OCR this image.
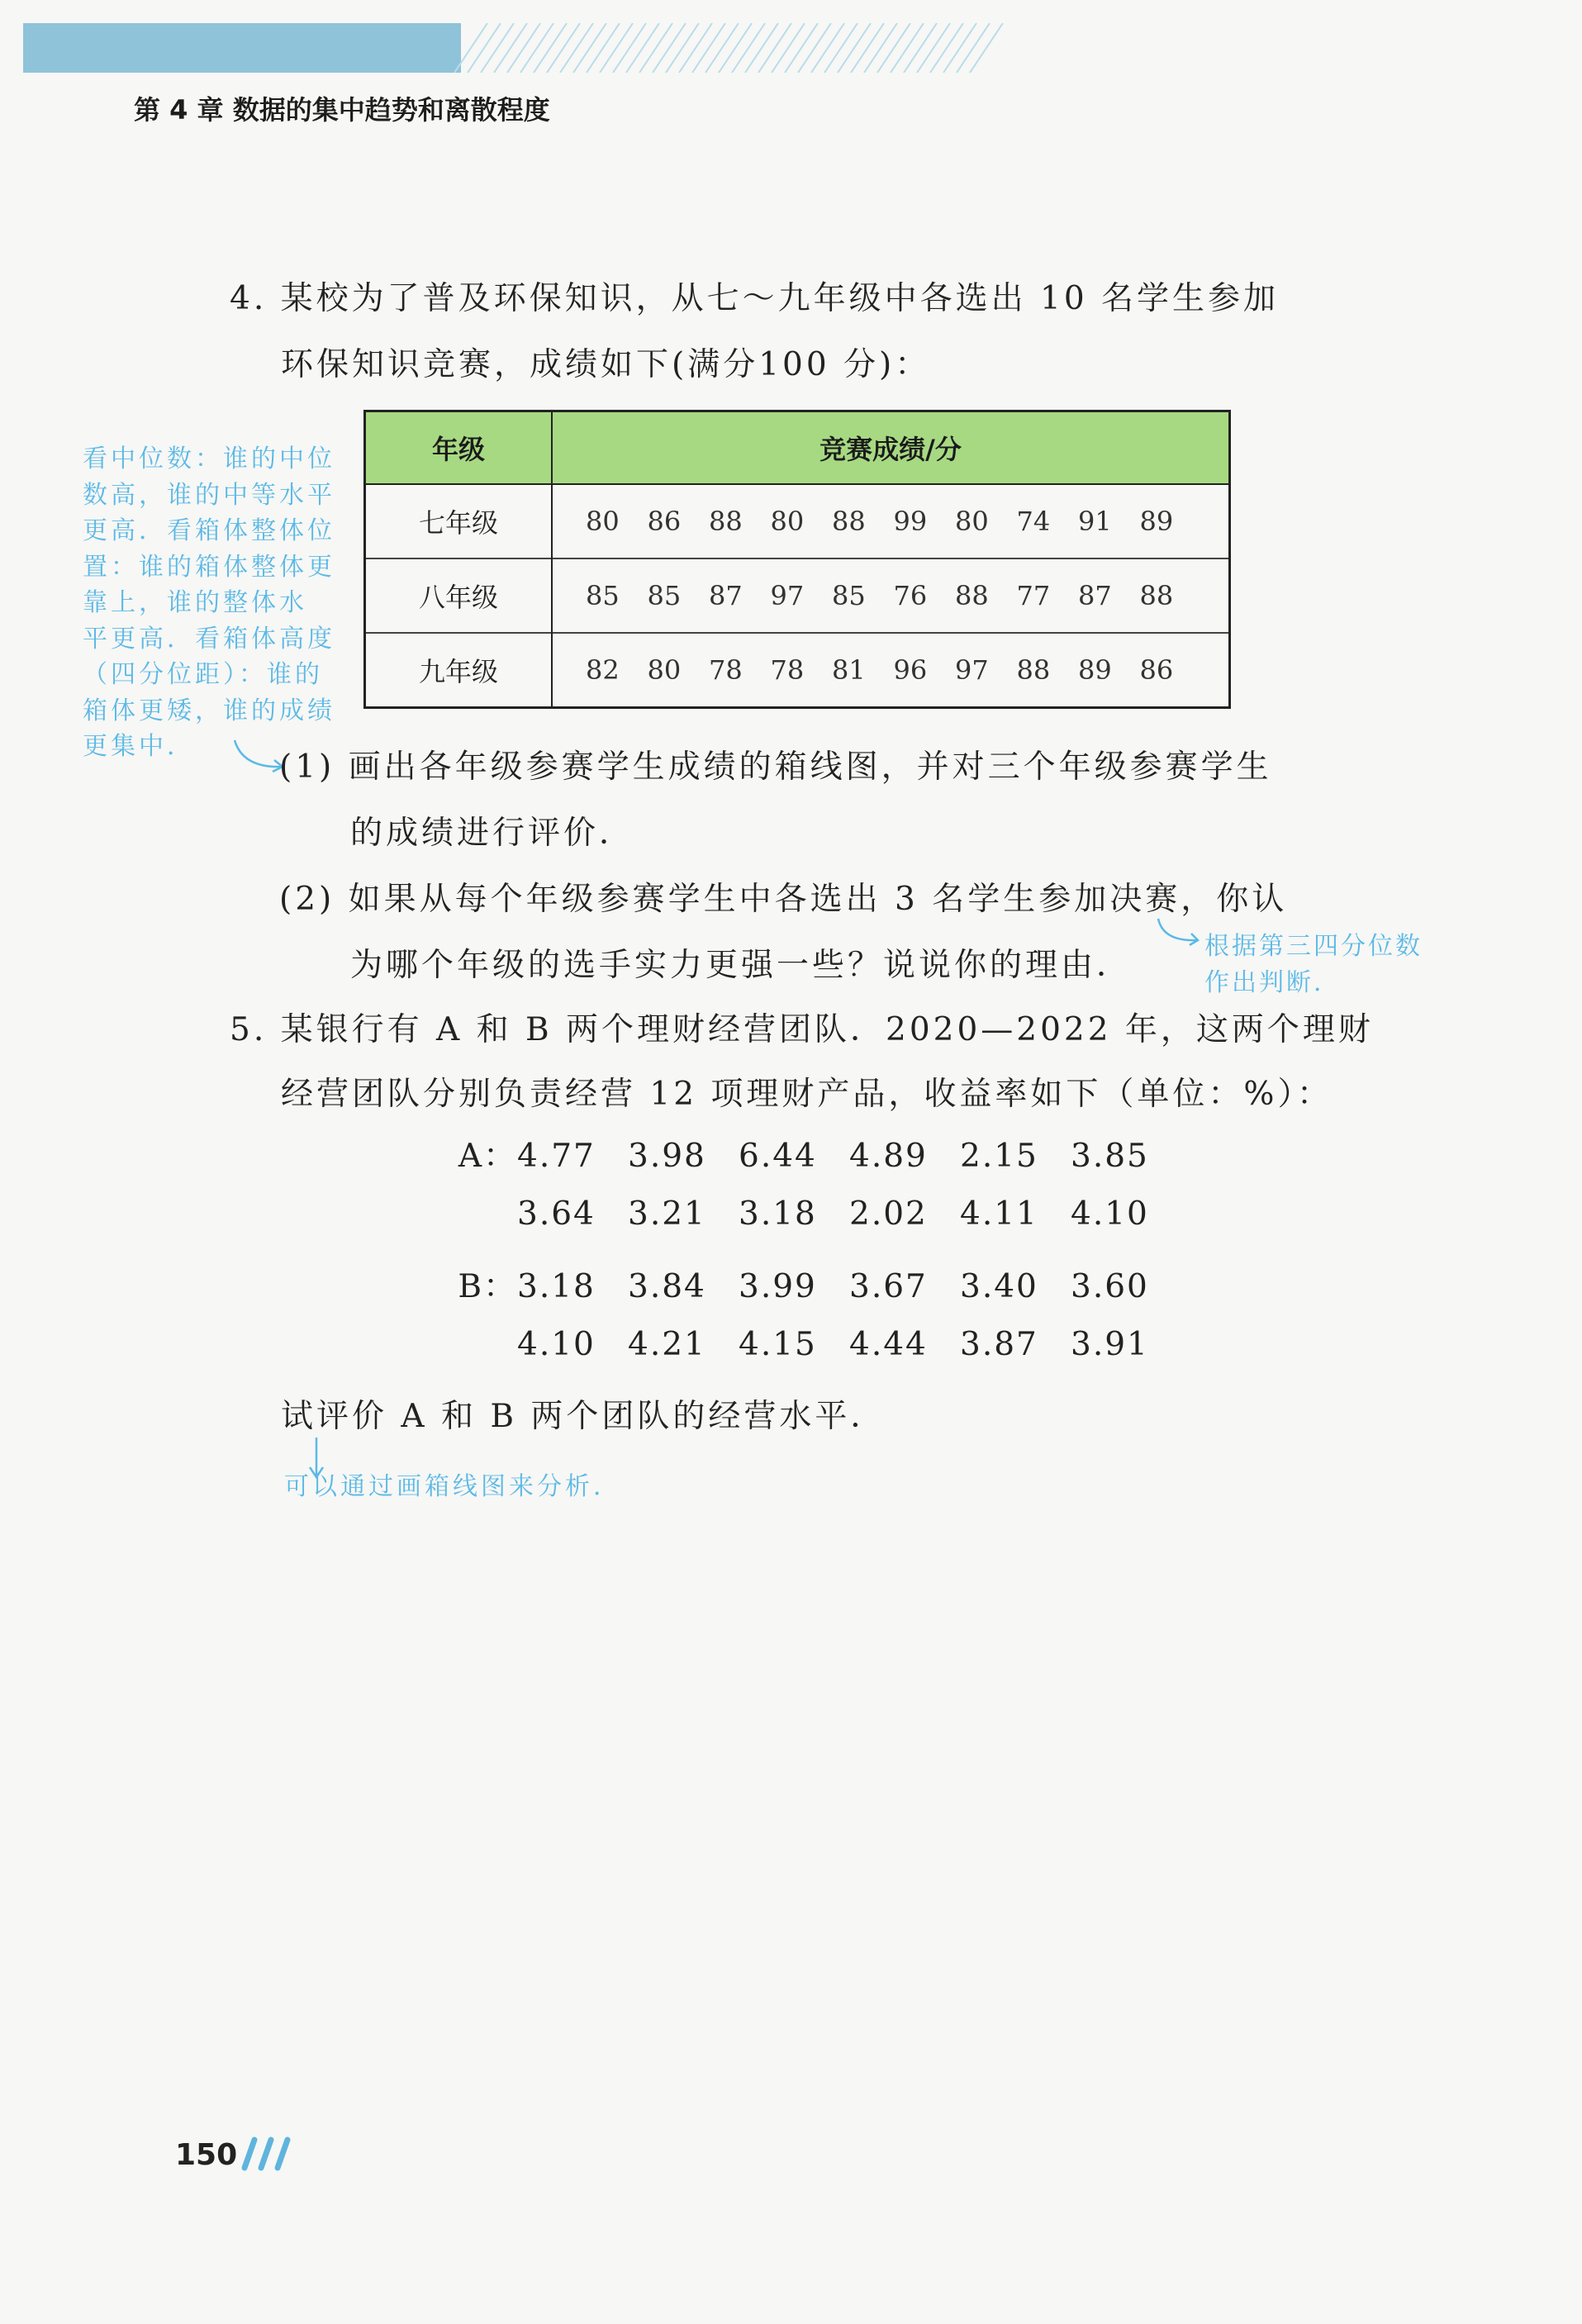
第 4 章 数据的集中趋势和离散程度
4. 某校为了普及环保知识，从七～九年级中各选出 10 名学生参加
环保知识竞赛，成绩如下(满分100 分)：
年级	竞赛成绩/分
七年级	80 86 88 80 88 99 80 74 91 89
八年级	85 85 87 97 85 76 88 77 87 88
九年级	82 80 78 78 81 96 97 88 89 86
看中位数：谁的中位
数高，谁的中等水平
更高．看箱体整体位
置：谁的箱体整体更
靠上，谁的整体水
平更高．看箱体高度
（四分位距）：谁的
箱体更矮，谁的成绩
更集中．
(1) 画出各年级参赛学生成绩的箱线图，并对三个年级参赛学生
的成绩进行评价．
(2) 如果从每个年级参赛学生中各选出 3 名学生参加决赛，你认
为哪个年级的选手实力更强一些？说说你的理由．
根据第三四分位数
作出判断．
5. 某银行有 A 和 B 两个理财经营团队．2020—2022 年，这两个理财
经营团队分别负责经营 12 项理财产品，收益率如下（单位：%）：
A：4.77 3.98 6.44 4.89 2.15 3.85
3.64 3.21 3.18 2.02 4.11 4.10
B：3.18 3.84 3.99 3.67 3.40 3.60
4.10 4.21 4.15 4.44 3.87 3.91
试评价 A 和 B 两个团队的经营水平．
可以通过画箱线图来分析．
150
